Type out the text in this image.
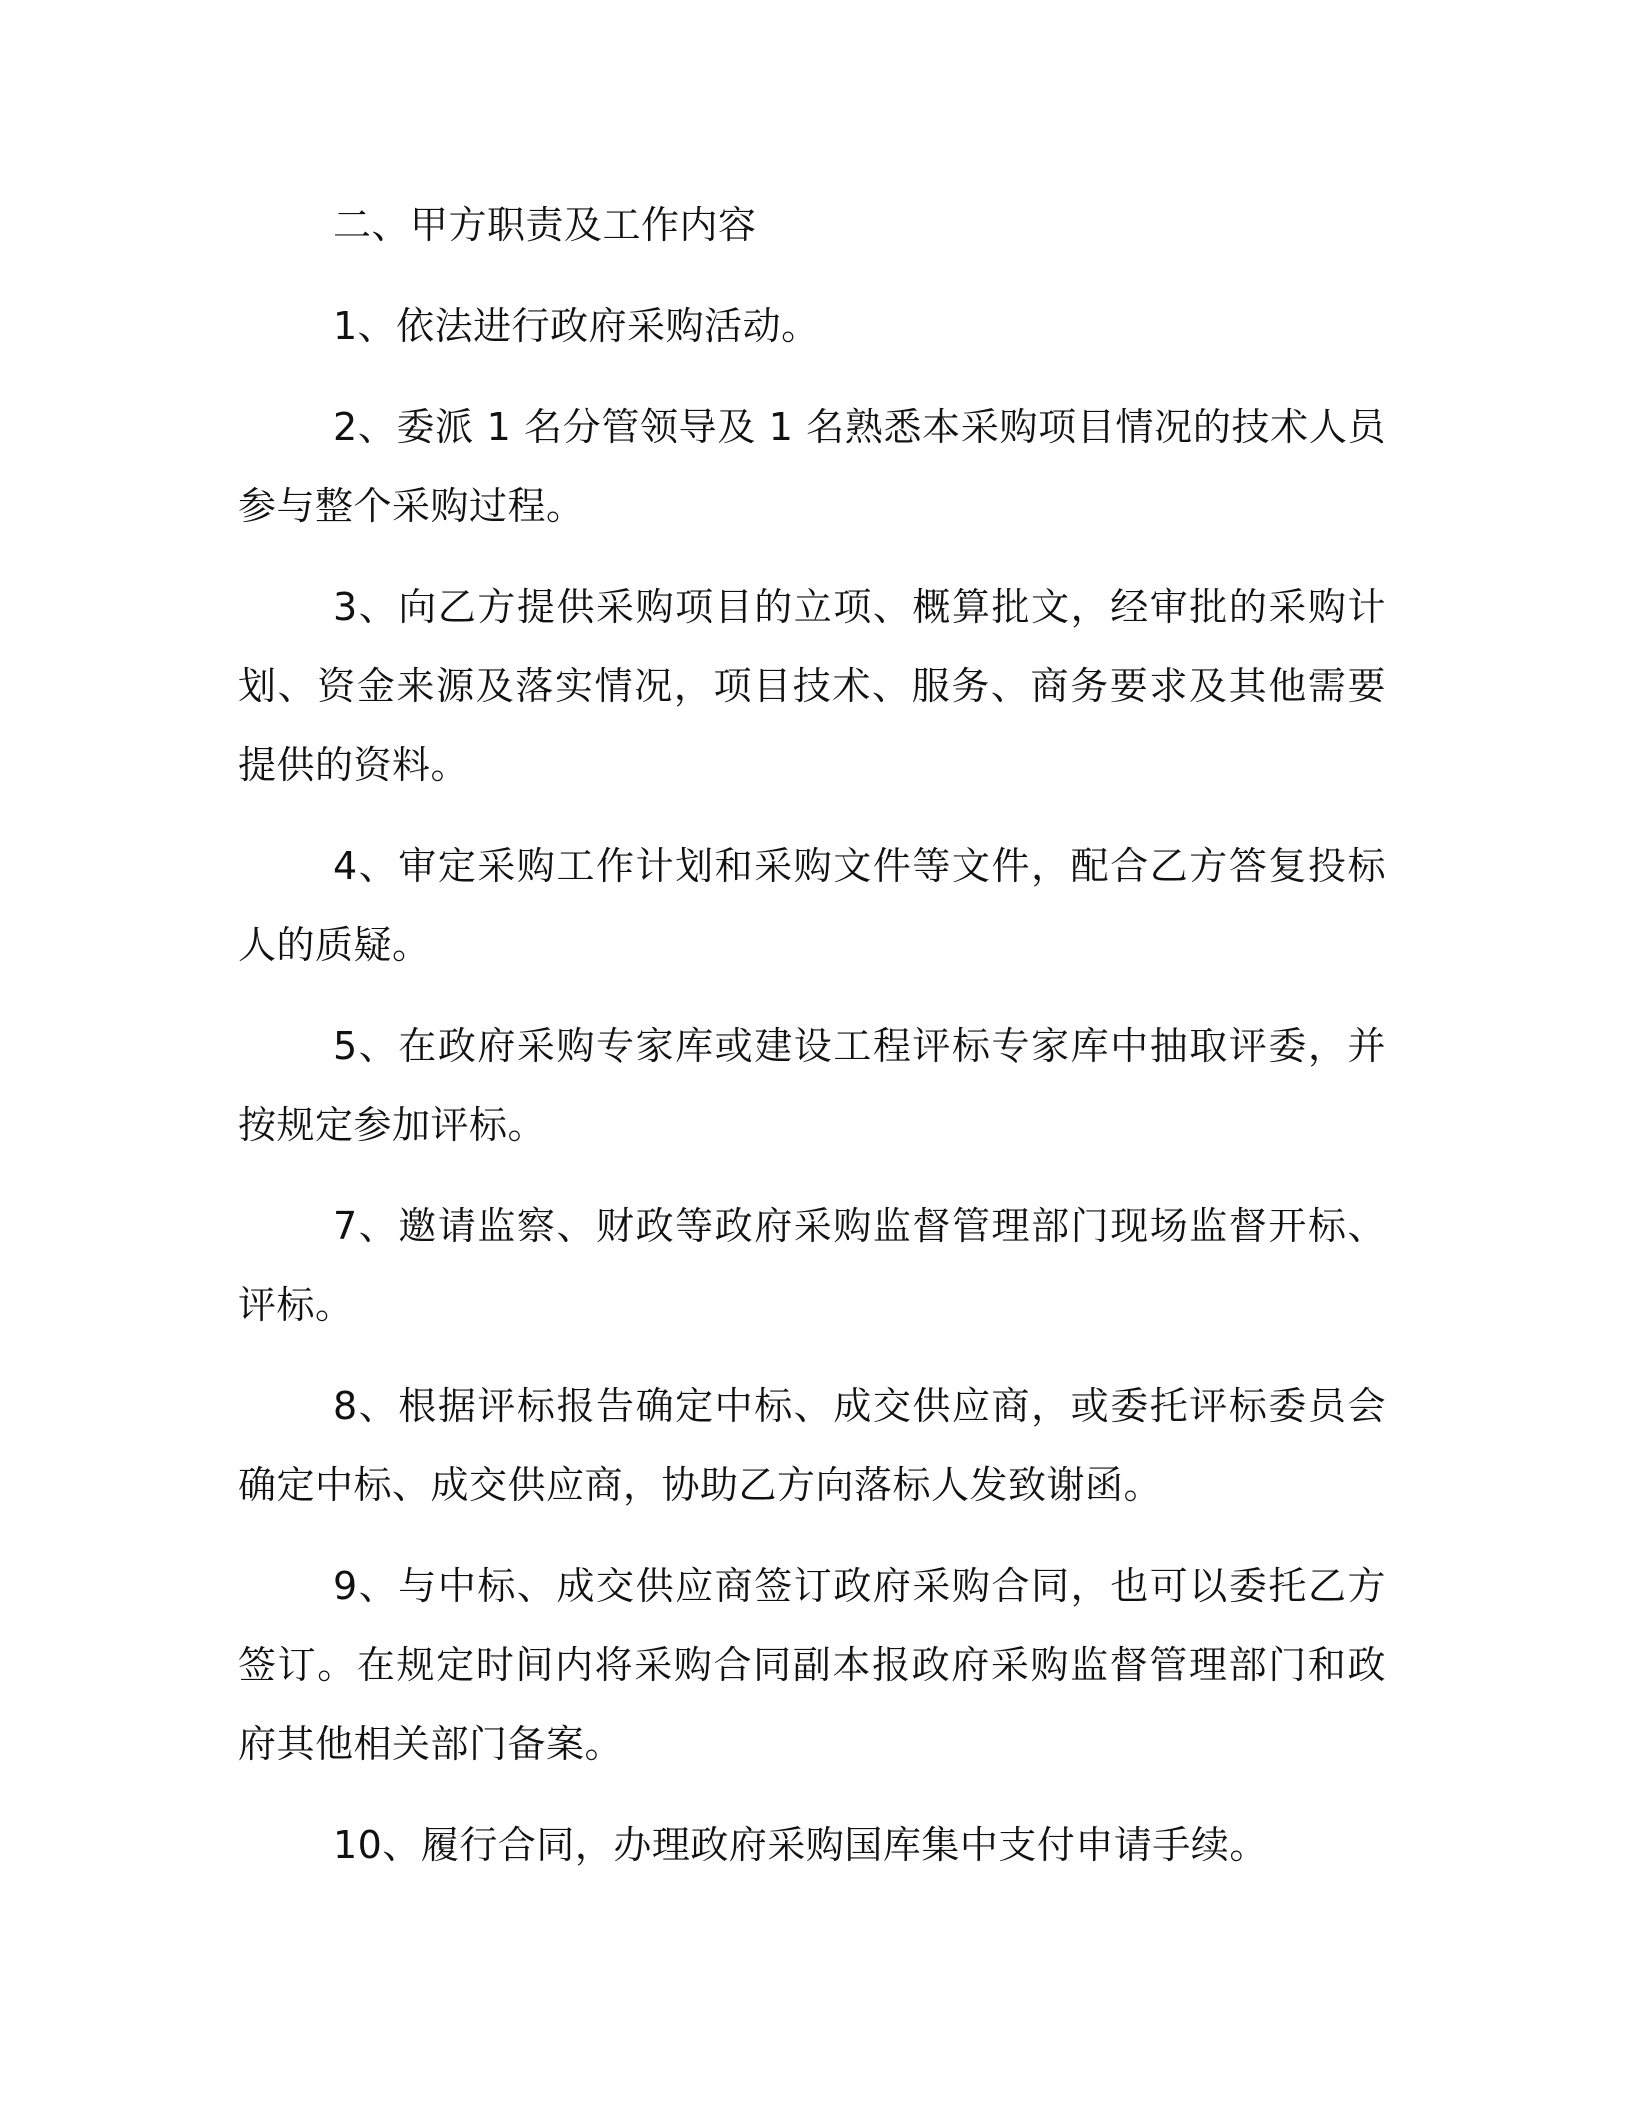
二、甲方职责及工作内容

1、依法进行政府采购活动。

2、委派 1 名分管领导及 1 名熟悉本采购项目情况的技术人员参与整个采购过程。

3、向乙方提供采购项目的立项、概算批文，经审批的采购计划、资金来源及落实情况，项目技术、服务、商务要求及其他需要提供的资料。

4、审定采购工作计划和采购文件等文件，配合乙方答复投标人的质疑。

5、在政府采购专家库或建设工程评标专家库中抽取评委，并按规定参加评标。

7、邀请监察、财政等政府采购监督管理部门现场监督开标、评标。

8、根据评标报告确定中标、成交供应商，或委托评标委员会确定中标、成交供应商，协助乙方向落标人发致谢函。

9、与中标、成交供应商签订政府采购合同，也可以委托乙方签订。在规定时间内将采购合同副本报政府采购监督管理部门和政府其他相关部门备案。

10、履行合同，办理政府采购国库集中支付申请手续。
